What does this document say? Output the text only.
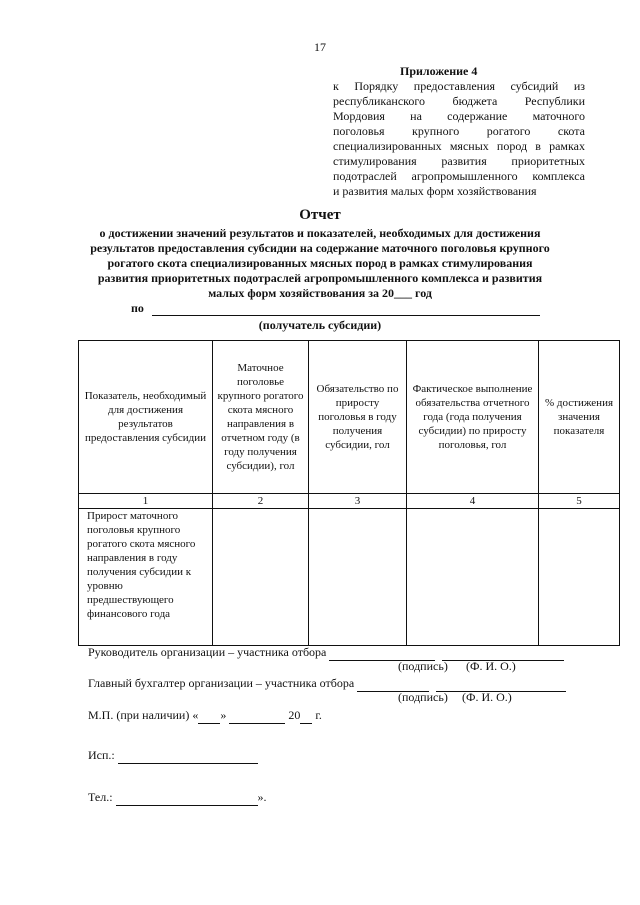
17
Приложение 4
к Порядку предоставления субсидий из
республиканского бюджета Республики
Мордовия на содержание маточного
поголовья крупного рогатого скота
специализированных мясных пород в рамках
стимулирования развития приоритетных
подотраслей агропромышленного комплекса
и развития малых форм хозяйствования
Отчет
о достижении значений результатов и показателей, необходимых для достижения
результатов предоставления субсидии на содержание маточного поголовья крупного
рогатого скота специализированных мясных пород в рамках стимулирования
развития приоритетных подотраслей агропромышленного комплекса и развития
малых форм хозяйствования за 20___ год
по
(получатель субсидии)
Показатель, необходимый для достижения результатов предоставления субсидии	Маточное поголовье крупного рогатого скота мясного направления в отчетном году (в году получения субсидии), гол	Обязательство по приросту поголовья в году получения субсидии, гол	Фактическое выполнение обязательства отчетного года (года получения субсидии) по приросту поголовья, гол	% достижения значения показателя
1	2	3	4	5
Прирост маточного поголовья крупного рогатого скота мясного направления в году получения субсидии к уровню предшествующего финансового года				
Руководитель организации – участника отбора
(подпись) (Ф. И. О.)
Главный бухгалтер организации – участника отбора
(подпись) (Ф. И. О.)
М.П. (при наличии) « »	20 г.
Исп.:
Тел.:	».
